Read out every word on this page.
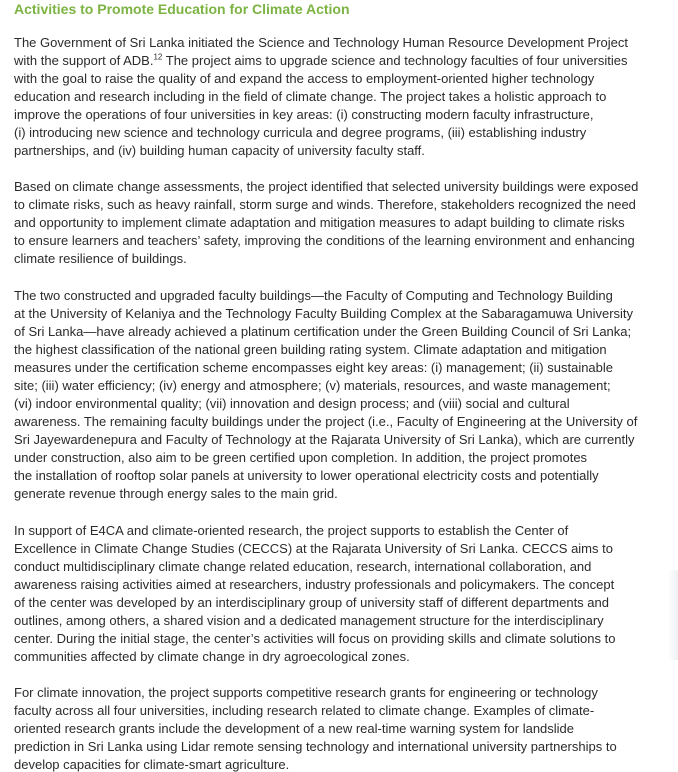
Activities to Promote Education for Climate Action
The Government of Sri Lanka initiated the Science and Technology Human Resource Development Project
with the support of ADB.$^{12}$ The project aims to upgrade science and technology faculties of four universities
with the goal to raise the quality of and expand the access to employment-oriented higher technology
education and research including in the field of climate change. The project takes a holistic approach to
improve the operations of four universities in key areas: (i) constructing modern faculty infrastructure,
(i) introducing new science and technology curricula and degree programs, (iii) establishing industry
partnerships, and (iv) building human capacity of university faculty staff.
Based on climate change assessments, the project identified that selected university buildings were exposed
to climate risks, such as heavy rainfall, storm surge and winds. Therefore, stakeholders recognized the need
and opportunity to implement climate adaptation and mitigation measures to adapt building to climate risks
to ensure learners and teachers’ safety, improving the conditions of the learning environment and enhancing
climate resilience of buildings.
The two constructed and upgraded faculty buildings—the Faculty of Computing and Technology Building
at the University of Kelaniya and the Technology Faculty Building Complex at the Sabaragamuwa University
of Sri Lanka—have already achieved a platinum certification under the Green Building Council of Sri Lanka;
the highest classification of the national green building rating system. Climate adaptation and mitigation
measures under the certification scheme encompasses eight key areas: (i) management; (ii) sustainable
site; (iii) water efficiency; (iv) energy and atmosphere; (v) materials, resources, and waste management;
(vi) indoor environmental quality; (vii) innovation and design process; and (viii) social and cultural
awareness. The remaining faculty buildings under the project (i.e., Faculty of Engineering at the University of
Sri Jayewardenepura and Faculty of Technology at the Rajarata University of Sri Lanka), which are currently
under construction, also aim to be green certified upon completion. In addition, the project promotes
the installation of rooftop solar panels at university to lower operational electricity costs and potentially
generate revenue through energy sales to the main grid.
In support of E4CA and climate-oriented research, the project supports to establish the Center of
Excellence in Climate Change Studies (CECCS) at the Rajarata University of Sri Lanka. CECCS aims to
conduct multidisciplinary climate change related education, research, international collaboration, and
awareness raising activities aimed at researchers, industry professionals and policymakers. The concept
of the center was developed by an interdisciplinary group of university staff of different departments and
outlines, among others, a shared vision and a dedicated management structure for the interdisciplinary
center. During the initial stage, the center’s activities will focus on providing skills and climate solutions to
communities affected by climate change in dry agroecological zones.
For climate innovation, the project supports competitive research grants for engineering or technology
faculty across all four universities, including research related to climate change. Examples of climate-
oriented research grants include the development of a new real-time warning system for landslide
prediction in Sri Lanka using Lidar remote sensing technology and international university partnerships to
develop capacities for climate-smart agriculture.
